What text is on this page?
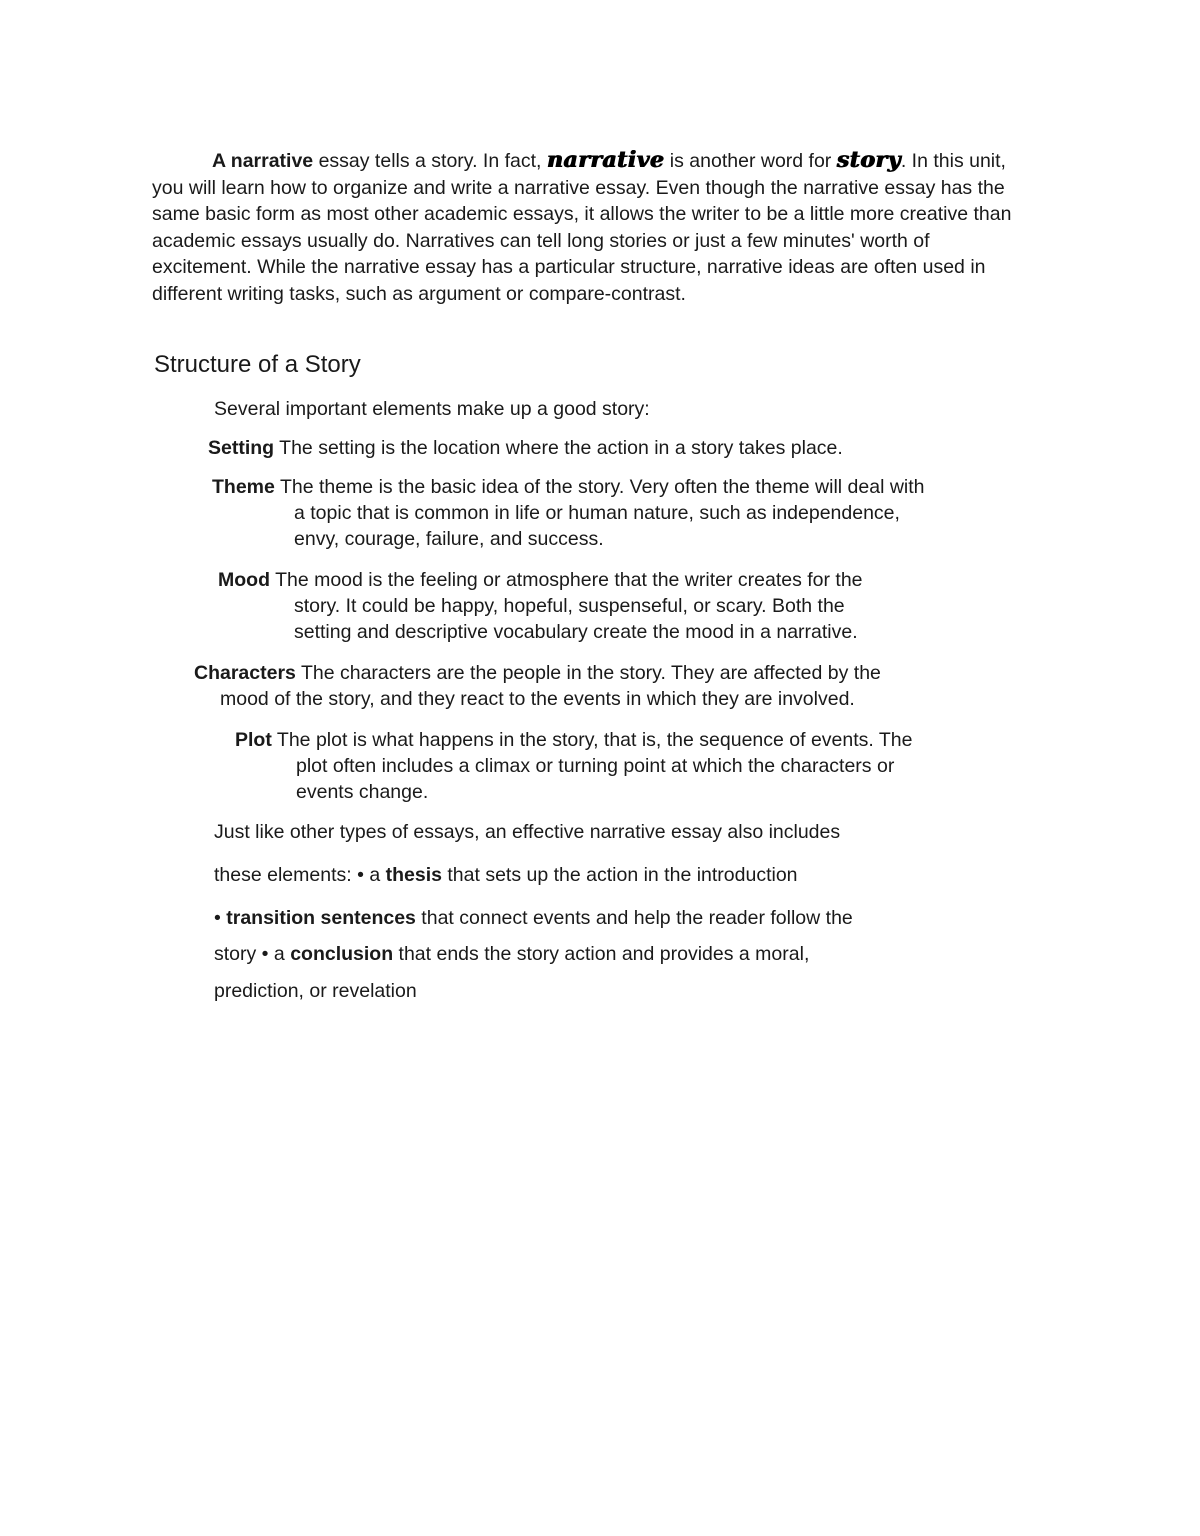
A narrative essay tells a story. In fact, narrative is another word for story. In this unit, you will learn how to organize and write a narrative essay. Even though the narrative essay has the same basic form as most other academic essays, it allows the writer to be a little more creative than academic essays usually do. Narratives can tell long stories or just a few minutes' worth of excitement. While the narrative essay has a particular structure, narrative ideas are often used in different writing tasks, such as argument or compare-contrast.

Structure of a Story

Several important elements make up a good story:

Setting The setting is the location where the action in a story takes place.

Theme The theme is the basic idea of the story. Very often the theme will deal with

a topic that is common in life or human nature, such as independence,

envy, courage, failure, and success.

Mood The mood is the feeling or atmosphere that the writer creates for the

story. It could be happy, hopeful, suspenseful, or scary. Both the

setting and descriptive vocabulary create the mood in a narrative.

Characters The characters are the people in the story. They are affected by the

mood of the story, and they react to the events in which they are involved.

Plot The plot is what happens in the story, that is, the sequence of events. The

plot often includes a climax or turning point at which the characters or

events change.

Just like other types of essays, an effective narrative essay also includes

these elements: • a thesis that sets up the action in the introduction

• transition sentences that connect events and help the reader follow the

story • a conclusion that ends the story action and provides a moral,

prediction, or revelation
